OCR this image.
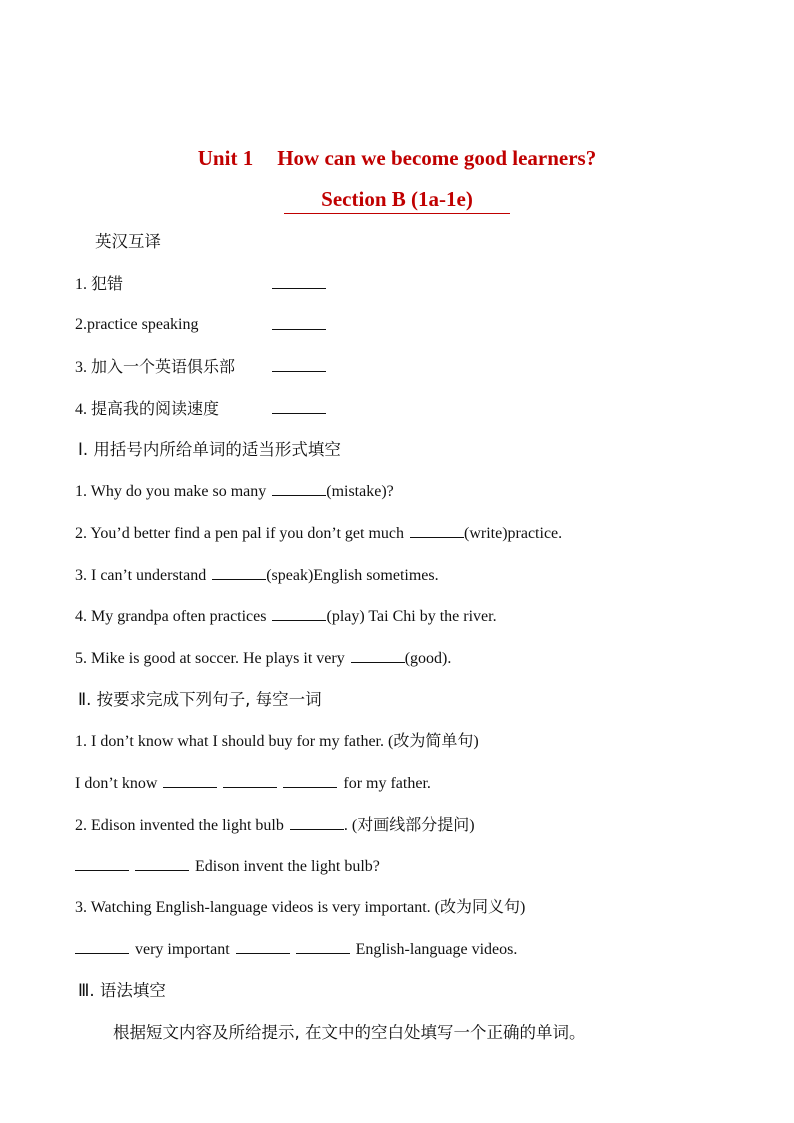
Unit 1 How can we become good learners?
Section B (1a-1e)
英汉互译
1. 犯错
2.practice speaking
3. 加入一个英语俱乐部
4. 提高我的阅读速度
Ⅰ. 用括号内所给单词的适当形式填空
1. Why do you make so many	(mistake)?
2. You’d better find a pen pal if you don’t get much	(write)practice.
3. I can’t understand	(speak)English sometimes.
4. My grandpa often practices	(play) Tai Chi by the river.
5. Mike is good at soccer. He plays it very	(good).
Ⅱ. 按要求完成下列句子, 每空一词
1. I don’t know what I should buy for my father. (改为简单句)
I don’t know	for my father.
2. Edison invented the light bulb	. (对画线部分提问)
Edison invent the light bulb?
3. Watching English-language videos is very important. (改为同义句)
very important	English-language videos.
Ⅲ. 语法填空
根据短文内容及所给提示, 在文中的空白处填写一个正确的单词。
